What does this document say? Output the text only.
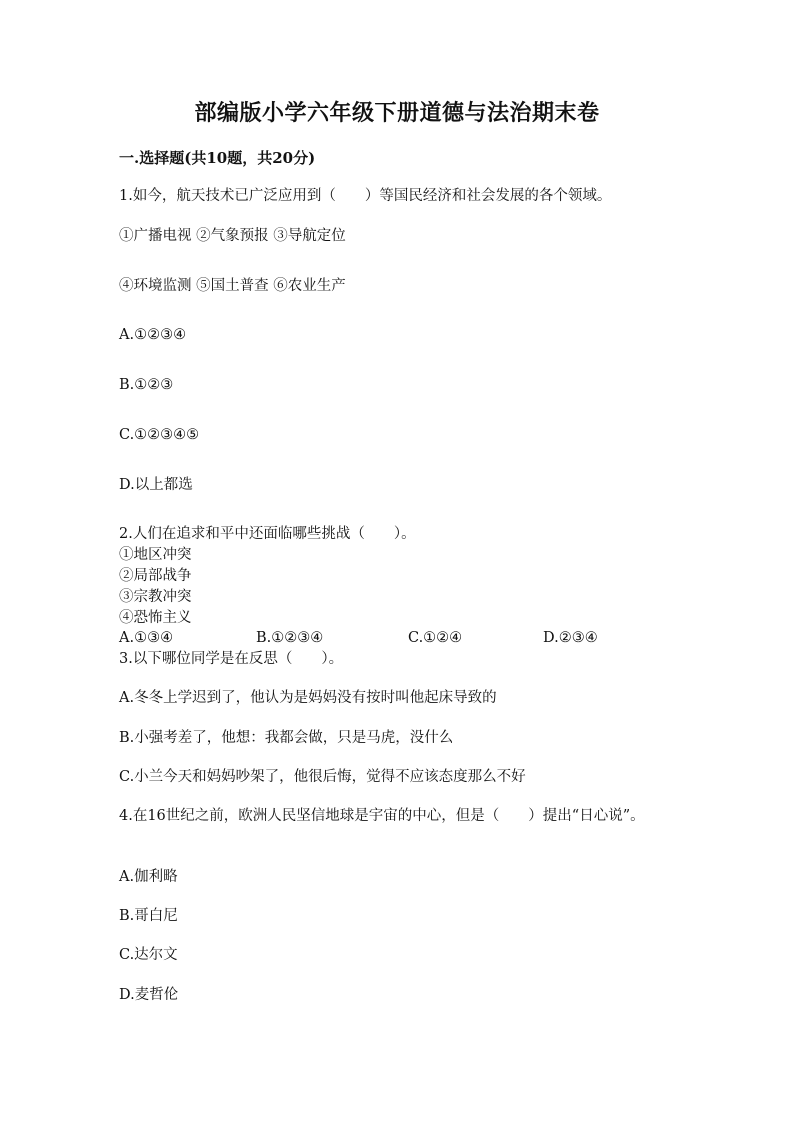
部编版小学六年级下册道德与法治期末卷
一.选择题(共10题，共20分)
1.如今，航天技术已广泛应用到（　　）等国民经济和社会发展的各个领域。
①广播电视 ②气象预报 ③导航定位
④环境监测 ⑤国土普查 ⑥农业生产
A.①②③④
B.①②③
C.①②③④⑤
D.以上都选
2.人们在追求和平中还面临哪些挑战（　　）。
①地区冲突
②局部战争
③宗教冲突
④恐怖主义
A.①③④	B.①②③④	C.①②④	D.②③④
3.以下哪位同学是在反思（　　）。
A.冬冬上学迟到了，他认为是妈妈没有按时叫他起床导致的
B.小强考差了，他想：我都会做，只是马虎，没什么
C.小兰今天和妈妈吵架了，他很后悔，觉得不应该态度那么不好
4.在16世纪之前，欧洲人民坚信地球是宇宙的中心，但是（　　）提出“日心说”。
A.伽利略
B.哥白尼
C.达尔文
D.麦哲伦
